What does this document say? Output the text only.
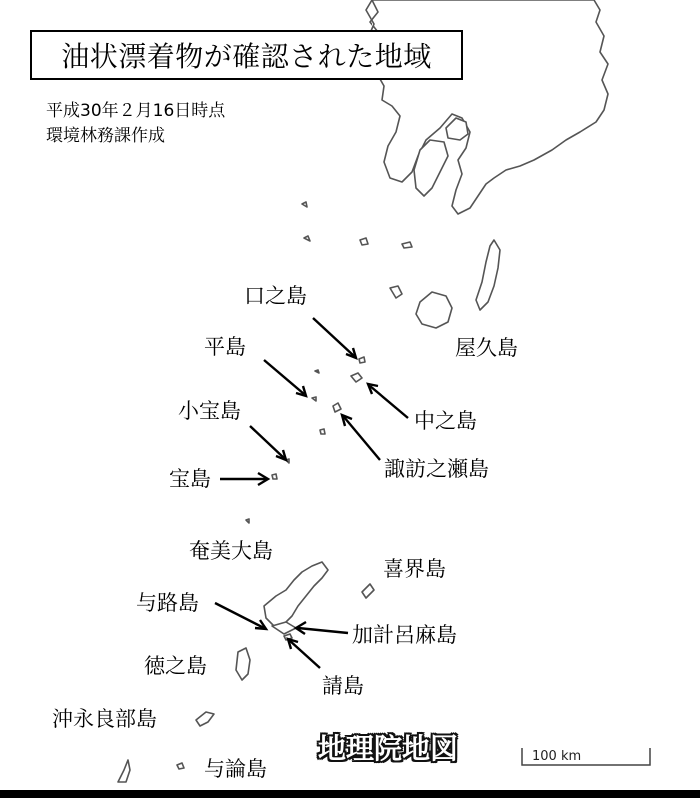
油状漂着物が確認された地域
平成30年２月16日時点
環境林務課作成
口之島
屋久島
平島
中之島
小宝島
諏訪之瀬島
宝島
奄美大島
喜界島
与路島
加計呂麻島
徳之島
請島
沖永良部島
与論島
地理院地図	100 km
